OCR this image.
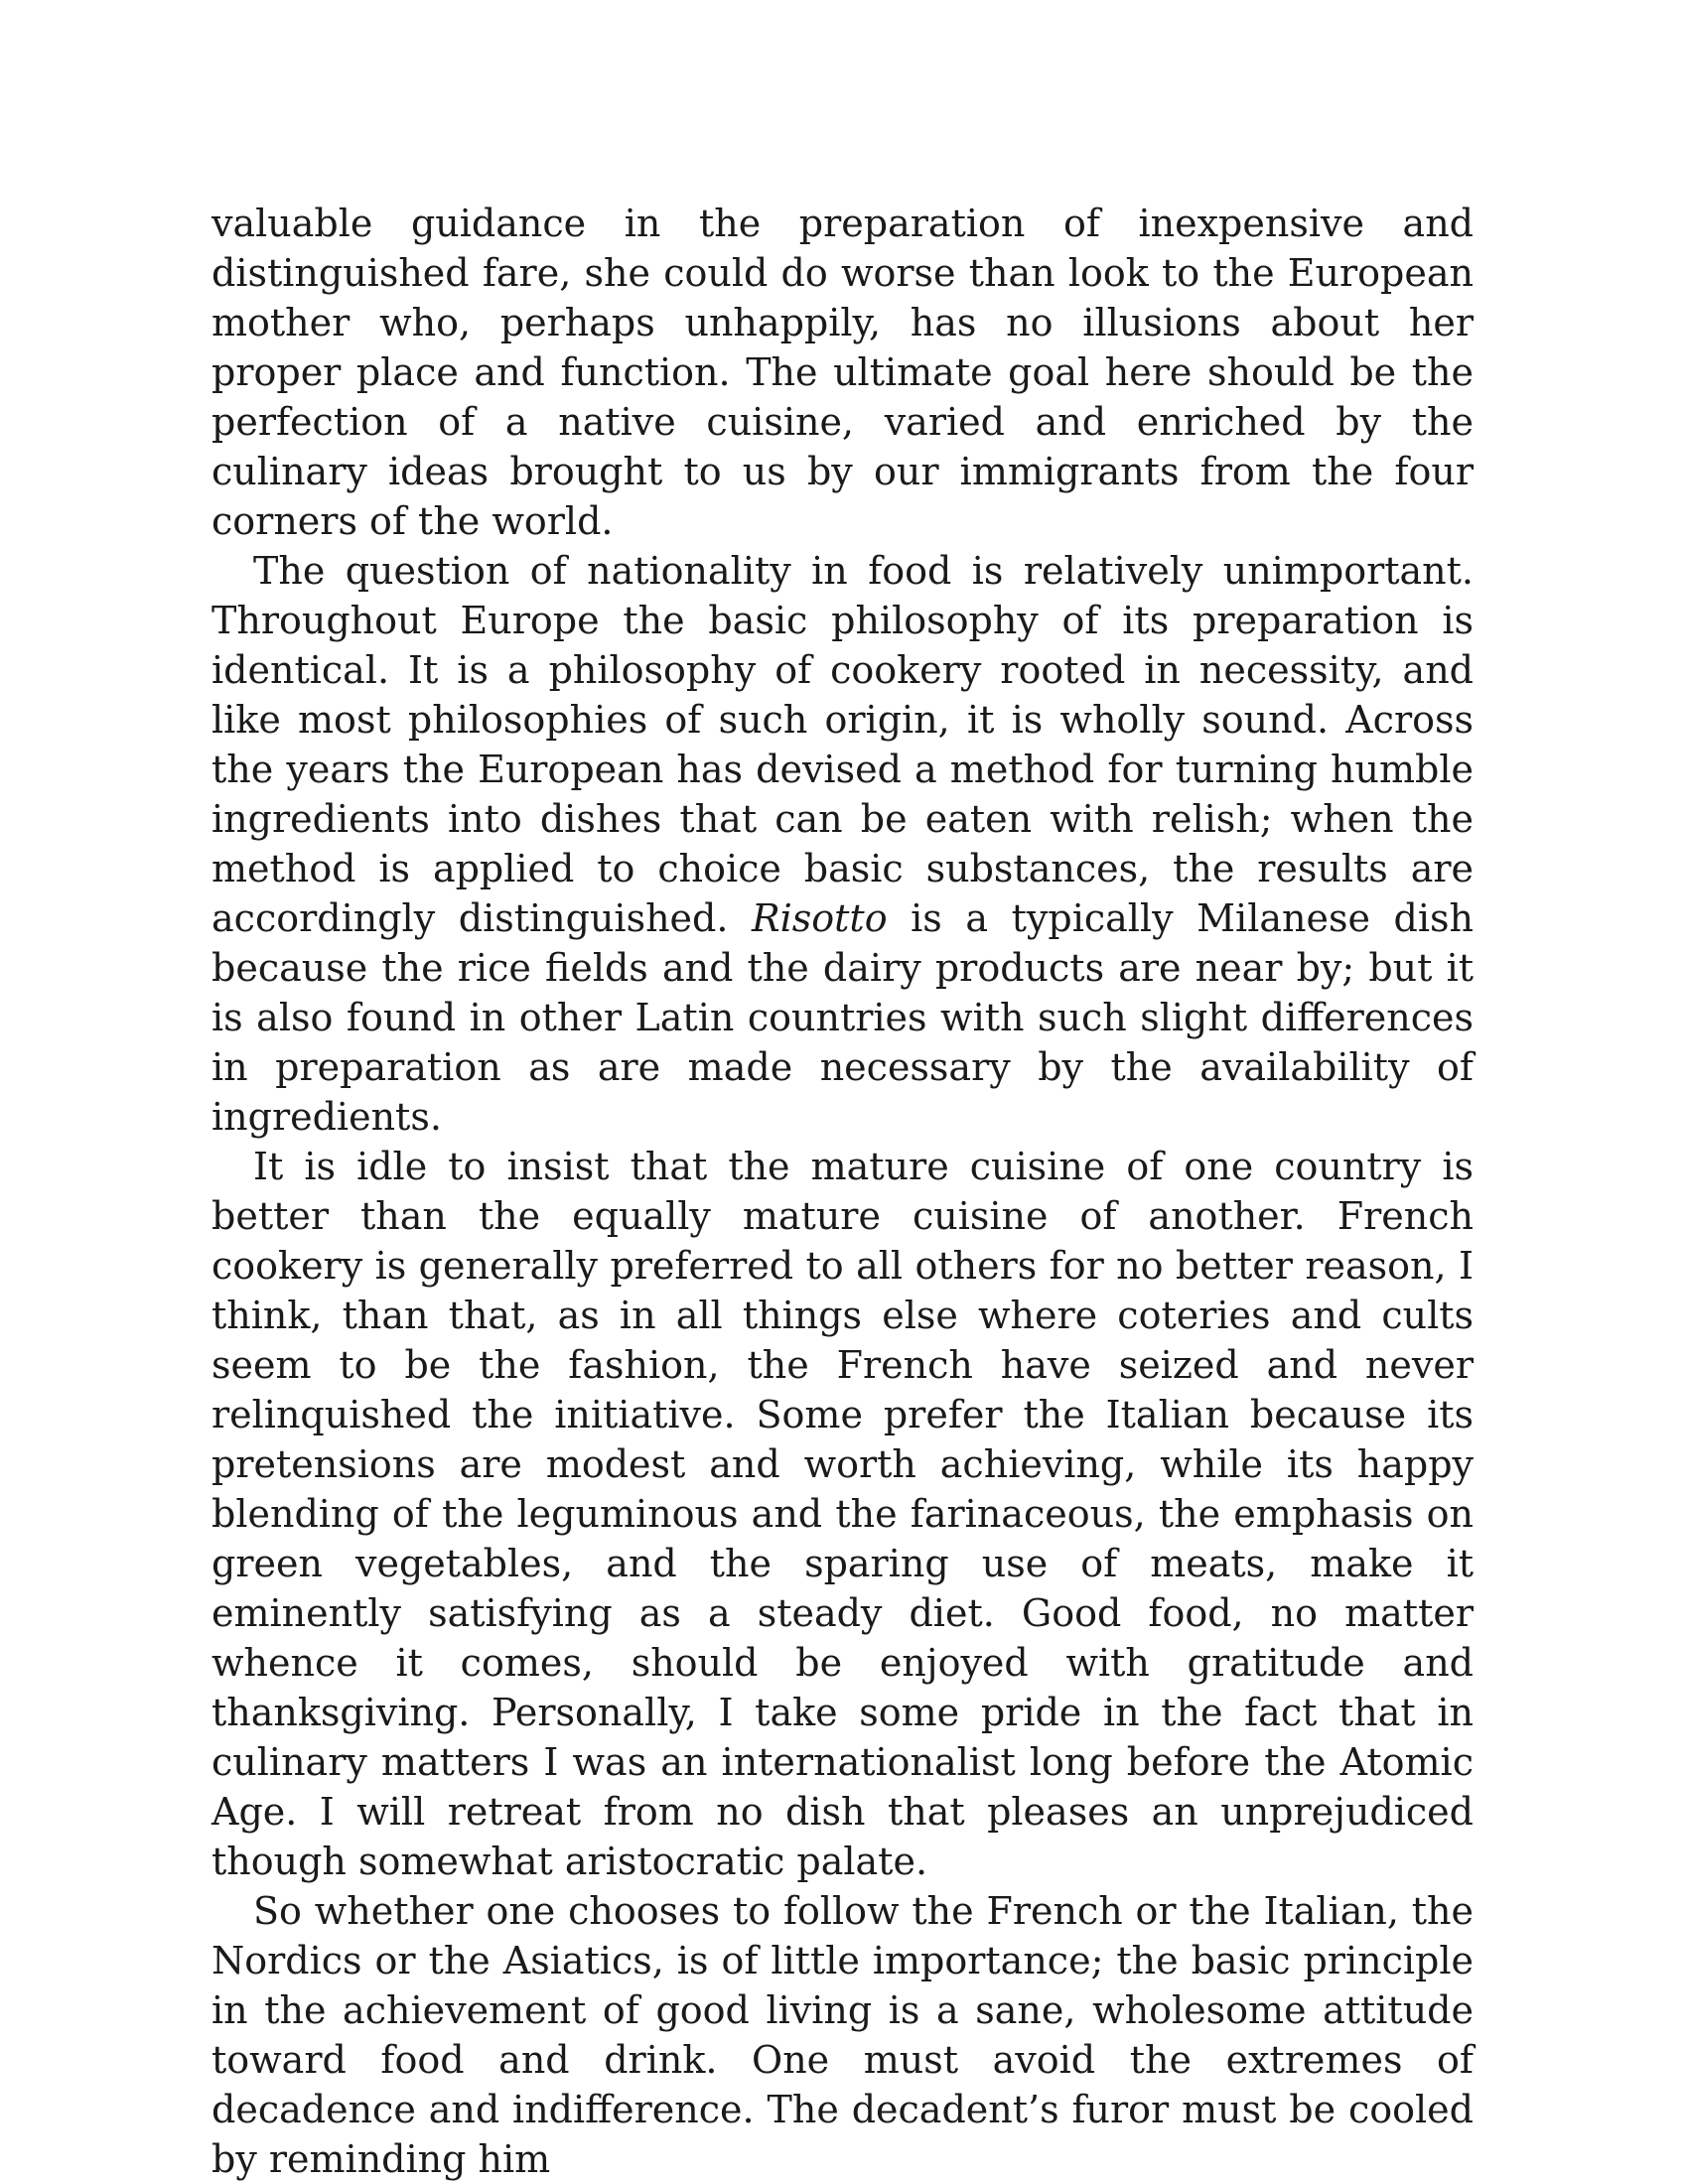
valuable guidance in the preparation of inexpensive and distinguished fare, she could do worse than look to the European mother who, perhaps unhappily, has no illusions about her proper place and function. The ultimate goal here should be the perfection of a native cuisine, varied and enriched by the culinary ideas brought to us by our immigrants from the four corners of the world.

The question of nationality in food is relatively unimportant. Throughout Europe the basic philosophy of its preparation is identical. It is a philosophy of cookery rooted in necessity, and like most philosophies of such origin, it is wholly sound. Across the years the European has devised a method for turning humble ingredients into dishes that can be eaten with relish; when the method is applied to choice basic substances, the results are accordingly distinguished. Risotto is a typically Milanese dish because the rice fields and the dairy products are near by; but it is also found in other Latin countries with such slight differences in preparation as are made necessary by the availability of ingredients.

It is idle to insist that the mature cuisine of one country is better than the equally mature cuisine of another. French cookery is generally preferred to all others for no better reason, I think, than that, as in all things else where coteries and cults seem to be the fashion, the French have seized and never relinquished the initiative. Some prefer the Italian because its pretensions are modest and worth achieving, while its happy blending of the leguminous and the farinaceous, the emphasis on green vegetables, and the sparing use of meats, make it eminently satisfying as a steady diet. Good food, no matter whence it comes, should be enjoyed with gratitude and thanksgiving. Personally, I take some pride in the fact that in culinary matters I was an internationalist long before the Atomic Age. I will retreat from no dish that pleases an unprejudiced though somewhat aristocratic palate.

So whether one chooses to follow the French or the Italian, the Nordics or the Asiatics, is of little importance; the basic principle in the achievement of good living is a sane, wholesome attitude toward food and drink. One must avoid the extremes of decadence and indifference. The decadent’s furor must be cooled by reminding him
